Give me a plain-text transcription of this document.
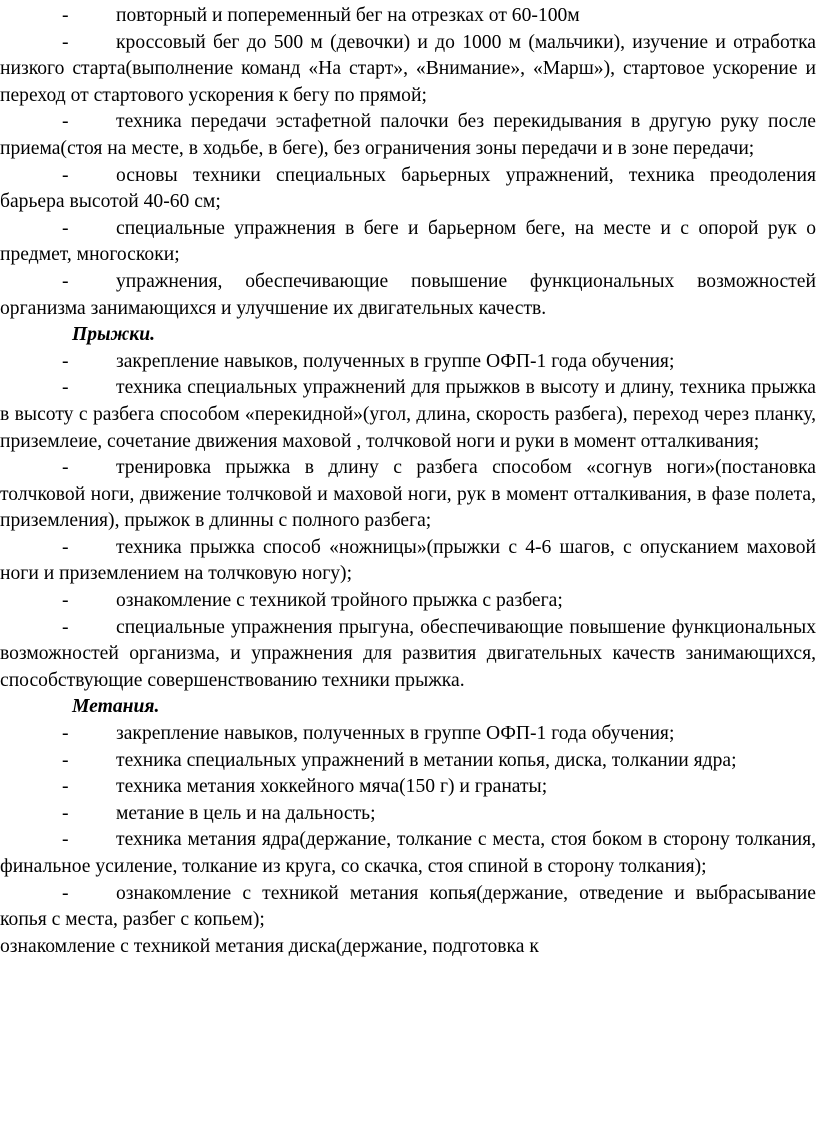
- повторный и попеременный бег на отрезках от 60-100м

- кроссовый бег до 500 м (девочки) и до 1000 м (мальчики), изучение и отработка низкого старта(выполнение команд «На старт», «Внимание», «Марш»), стартовое ускорение и переход от стартового ускорения к бегу по прямой;

- техника передачи эстафетной палочки без перекидывания в другую руку после приема(стоя на месте, в ходьбе, в беге), без ограничения зоны передачи и в зоне передачи;

- основы техники специальных барьерных упражнений, техника преодоления барьера высотой 40-60 см;

- специальные упражнения в беге и барьерном беге, на месте и с опорой рук о предмет, многоскоки;

- упражнения, обеспечивающие повышение функциональных возможностей организма занимающихся и улучшение их двигательных качеств.

Прыжки.

- закрепление навыков, полученных в группе ОФП-1 года обучения;

- техника специальных упражнений для прыжков в высоту и длину, техника прыжка в высоту с разбега способом «перекидной»(угол, длина, скорость разбега), переход через планку, приземлеие, сочетание движения маховой , толчковой ноги и руки в момент отталкивания;

- тренировка прыжка в длину с разбега способом «согнув ноги»(постановка толчковой ноги, движение толчковой и маховой ноги, рук в момент отталкивания, в фазе полета, приземления), прыжок в длинны с полного разбега;

- техника прыжка способ «ножницы»(прыжки с 4-6 шагов, с опусканием маховой ноги и приземлением на толчковую ногу);

- ознакомление с техникой тройного прыжка с разбега;

- специальные упражнения прыгуна, обеспечивающие повышение функциональных возможностей организма, и упражнения для развития двигательных качеств занимающихся, способствующие совершенствованию техники прыжка.

Метания.

- закрепление навыков, полученных в группе ОФП-1 года обучения;

- техника специальных упражнений в метании копья, диска, толкании ядра;

- техника метания хоккейного мяча(150 г) и гранаты;

- метание в цель и на дальность;

- техника метания ядра(держание, толкание с места, стоя боком в сторону толкания, финальное усиление, толкание из круга, со скачка, стоя спиной в сторону толкания);

- ознакомление с техникой метания копья(держание, отведение и выбрасывание копья с места, разбег с копьем);

ознакомление с техникой метания диска(держание, подготовка к
